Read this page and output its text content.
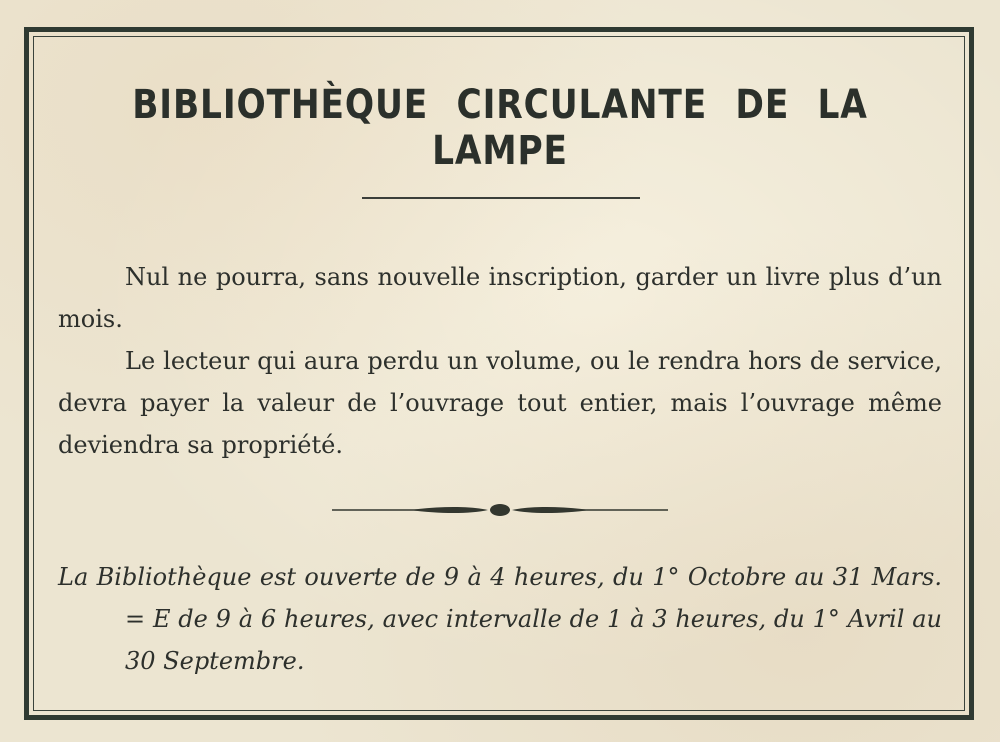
BIBLIOTHÈQUE CIRCULANTE DE LA LAMPE

Nul ne pourra, sans nouvelle inscription, garder un livre plus d’un mois.

Le lecteur qui aura perdu un volume, ou le rendra hors de service, devra payer la valeur de l’ouvrage tout entier, mais l’ouvrage même deviendra sa propriété.

La Bibliothèque est ouverte de 9 à 4 heures, du 1° Octobre au 31 Mars. = E de 9 à 6 heures, avec intervalle de 1 à 3 heures, du 1° Avril au 30 Septembre.
